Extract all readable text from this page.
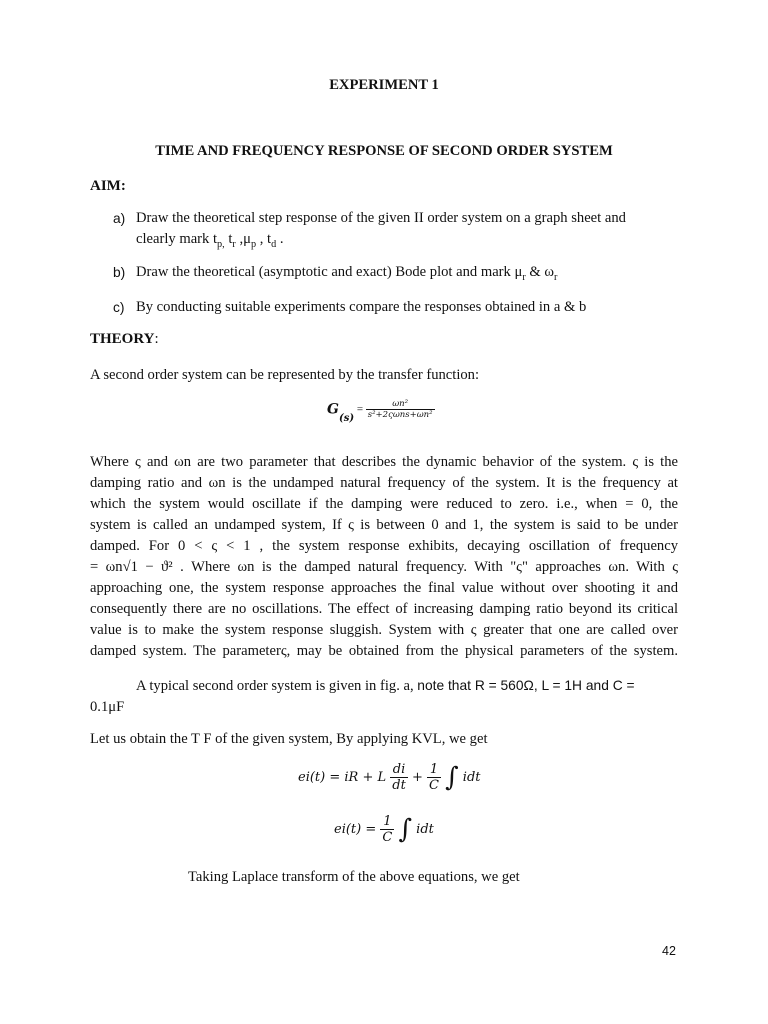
EXPERIMENT 1
TIME AND FREQUENCY RESPONSE OF SECOND ORDER SYSTEM
AIM:
a) Draw the theoretical step response of the given II order system on a graph sheet and
clearly mark $t_{p,}$ $t_r$ $,\mu_p$ , $t_d$ .
b) Draw the theoretical (asymptotic and exact) Bode plot and mark $\mu_r$ & $\omega_r$
c) By conducting suitable experiments compare the responses obtained in a & b
THEORY:
A second order system can be represented by the transfer function:
$G_{(s)} = \frac{\text{ωn²}}{\text{s²+2ςωns+ωn²}}$
Where ς and ωn are two parameter that describes the dynamic behavior of the system. ς is the
damping ratio and ωn is the undamped natural frequency of the system. It is the frequency at
which the system would oscillate if the damping were reduced to zero. i.e., when = 0, the
system is called an undamped system, If ς is between 0 and 1, the system is said to be under
damped. For 0 < ς < 1 , the system response exhibits, decaying oscillation of frequency
= ωn√1 − ϑ² . Where ωn is the damped natural frequency. With "ς" approaches ωn. With ς
approaching one, the system response approaches the final value without over shooting it and
consequently there are no oscillations. The effect of increasing damping ratio beyond its critical
value is to make the system response sluggish. System with ς greater that one are called over
damped system. The parameterς, may be obtained from the physical parameters of the system.
A typical second order system is given in fig. a, note that R = 560Ω, L = 1H and C =
0.1μF
Let us obtain the T F of the given system, By applying KVL, we get
ei(t) = iR + L $\frac{di}{dt} + \frac{1}{C}$ ∫ idt
$ei(t) = \frac{1}{C}$ ∫ idt
Taking Laplace transform of the above equations, we get
42
